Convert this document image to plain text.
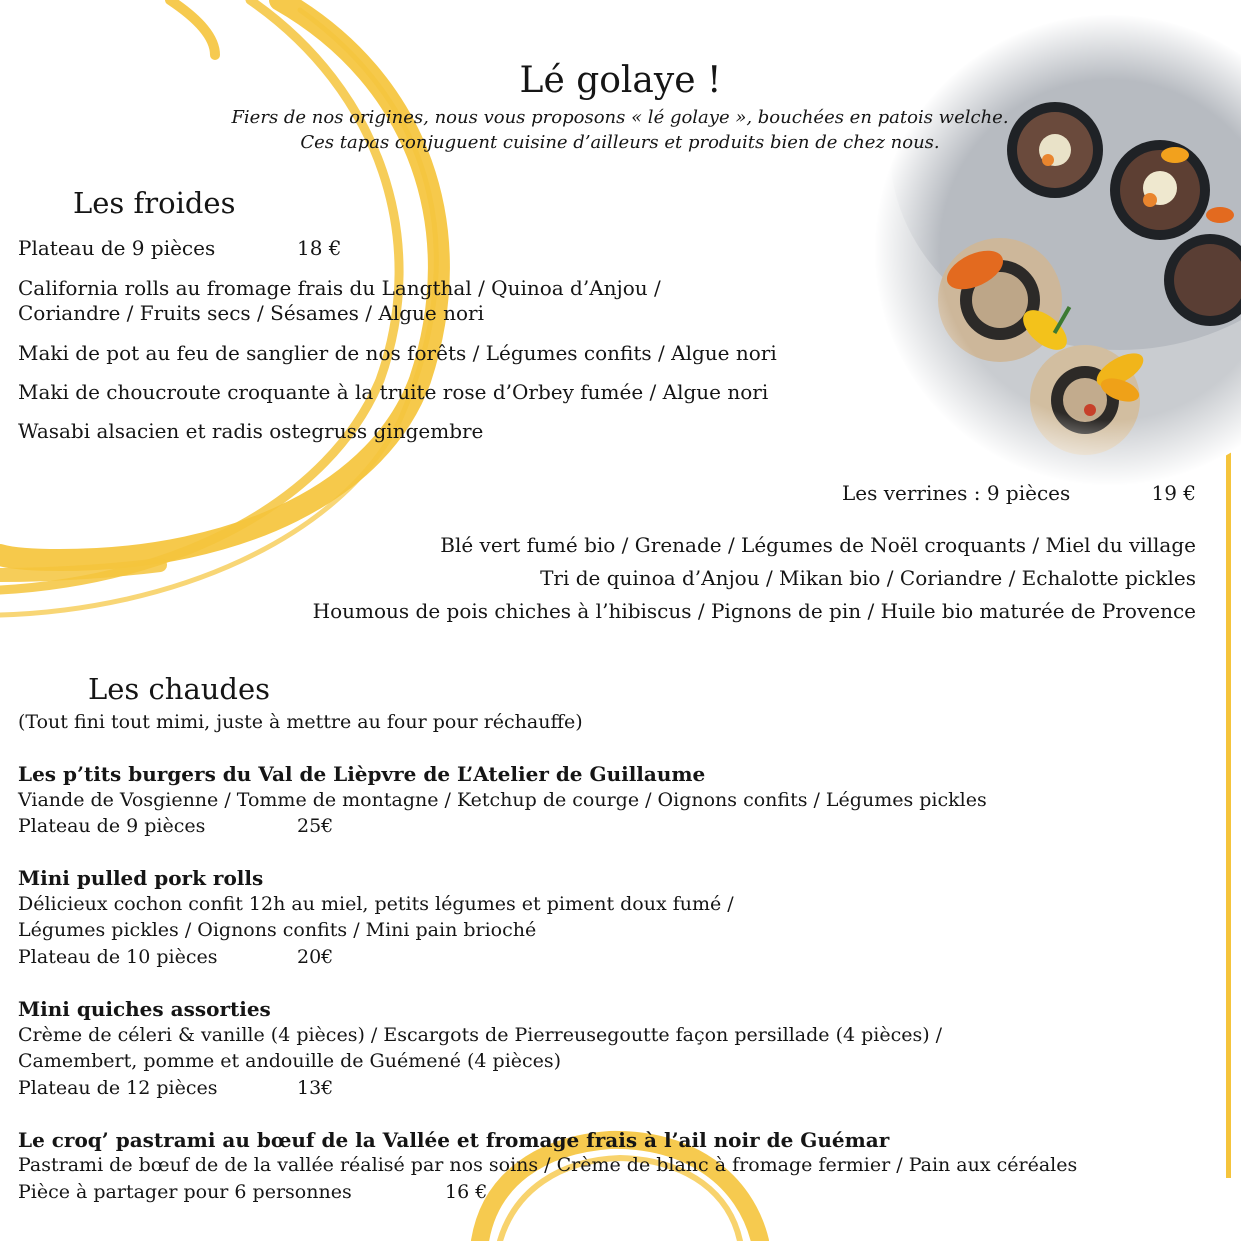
Lé golaye !
Fiers de nos origines, nous vous proposons « lé golaye », bouchées en patois welche.
Ces tapas conjuguent cuisine d’ailleurs et produits bien de chez nous.
Les froides
Plateau de 9 pièces	18 €
California rolls au fromage frais du Langthal / Quinoa d’Anjou /
Coriandre / Fruits secs / Sésames / Algue nori
Maki de pot au feu de sanglier de nos forêts / Légumes confits / Algue nori
Maki de choucroute croquante à la truite rose d’Orbey fumée / Algue nori
Wasabi alsacien et radis ostegruss gingembre
Les verrines : 9 pièces	19 €
Blé vert fumé bio / Grenade / Légumes de Noël croquants / Miel du village
Tri de quinoa d’Anjou / Mikan bio / Coriandre / Echalotte pickles
Houmous de pois chiches à l’hibiscus / Pignons de pin / Huile bio maturée de Provence
Les chaudes
(Tout fini tout mimi, juste à mettre au four pour réchauffe)
Les p’tits burgers du Val de Lièpvre de L’Atelier de Guillaume
Viande de Vosgienne / Tomme de montagne / Ketchup de courge / Oignons confits / Légumes pickles
Plateau de 9 pièces	25€
Mini pulled pork rolls
Délicieux cochon confit 12h au miel, petits légumes et piment doux fumé /
Légumes pickles / Oignons confits / Mini pain brioché
Plateau de 10 pièces	20€
Mini quiches assorties
Crème de céleri & vanille (4 pièces) / Escargots de Pierreusegoutte façon persillade (4 pièces) /
Camembert, pomme et andouille de Guémené (4 pièces)
Plateau de 12 pièces	13€
Le croq’ pastrami au bœuf de la Vallée et fromage frais à l’ail noir de Guémar
Pastrami de bœuf de de la vallée réalisé par nos soins / Crème de blanc à fromage fermier / Pain aux céréales
Pièce à partager pour 6 personnes	16 €
